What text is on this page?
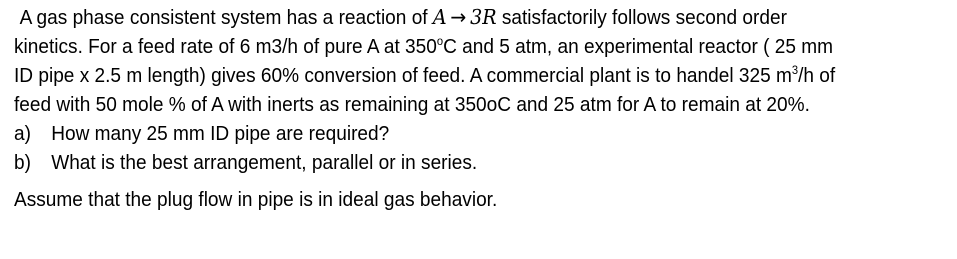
A gas phase consistent system has a reaction of A → 3R satisfactorily follows second order
kinetics. For a feed rate of 6 m3/h of pure A at 350$^o$C and 5 atm, an experimental reactor ( 25 mm
ID pipe x 2.5 m length) gives 60% conversion of feed. A commercial plant is to handel 325 $m^3/h$ of
feed with 50 mole % of A with inerts as remaining at 350oC and 25 atm for A to remain at 20%.
a) How many 25 mm ID pipe are required?
b) What is the best arrangement, parallel or in series.
Assume that the plug flow in pipe is in ideal gas behavior.
